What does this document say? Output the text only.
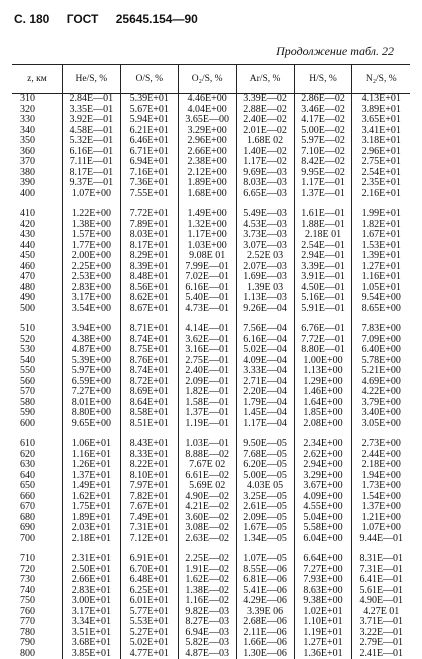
С. 180 ГОСТ 25645.154—90
Продолжение табл. 22
z, км	He/S, %	O/S, %	O₂/S, %	Ar/S, %	H/S, %	N₂/S, %
310	2.84E—01	5.39E+01	4.46E+00	3.39E—02	2.86E—02	4.13E+01
320	3.35E—01	5.67E+01	4.04E+00	2.88E—02	3.46E—02	3.89E+01
330	3.92E—01	5.94E+01	3.65E—00	2.40E—02	4.17E—02	3.65E+01
340	4.58E—01	6.21E+01	3.29E+00	2.01E—02	5.00E—02	3.41E+01
350	5.32E—01	6.46E+01	2.96E+00	1.68E 02	5.97E—02	3.18E+01
360	6.16E—01	6.71E+01	2.66E+00	1.40E—02	7.10E—02	2.96E+01
370	7.11E—01	6.94E+01	2.38E+00	1.17E—02	8.42E—02	2.75E+01
380	8.17E—01	7.16E+01	2.12E+00	9.69E—03	9.95E—02	2.54E+01
390	9.37E—01	7.36E+01	1.89E+00	8.03E—03	1.17E—01	2.35E+01
400	1.07E+00	7.55E+01	1.68E+00	6.65E—03	1.37E—01	2.16E+01

410	1.22E+00	7.72E+01	1.49E+00	5.49E—03	1.61E—01	1.99E+01
420	1.38E+00	7.89E+01	1.32E+00	4.53E—03	1.88E—01	1.82E+01
430	1.57E+00	8.03E+01	1.17E+00	3.73E—03	2.18E 01	1.67E+01
440	1.77E+00	8.17E+01	1.03E+00	3.07E—03	2.54E—01	1.53E+01
450	2.00E+00	8.29E+01	9.08E 01	2.52E 03	2.94E—01	1.39E+01
460	2.25E+00	8.39E+01	7.99E—01	2.07E—03	3.39E—01	1.27E+01
470	2.53E+00	8.48E+01	7.02E—01	1.69E—03	3.91E—01	1.16E+01
480	2.83E+00	8.56E+01	6.16E—01	1.39E 03	4.50E—01	1.05E+01
490	3.17E+00	8.62E+01	5.40E—01	1.13E—03	5.16E—01	9.54E+00
500	3.54E+00	8.67E+01	4.73E—01	9.26E—04	5.91E—01	8.65E+00

510	3.94E+00	8.71E+01	4.14E—01	7.56E—04	6.76E—01	7.83E+00
520	4.38E+00	8.74E+01	3.62E—01	6.16E—04	7.72E—01	7.09E+00
530	4.87E+00	8.75E+01	3.16E—01	5.02E—04	8.80E—01	6.40E+00
540	5.39E+00	8.76E+01	2.75E—01	4.09E—04	1.00E+00	5.78E+00
550	5.97E+00	8.74E+01	2.40E—01	3.33E—04	1.13E+00	5.21E+00
560	6.59E+00	8.72E+01	2.09E—01	2.71E—04	1.29E+00	4.69E+00
570	7.27E+00	8.69E+01	1.82E—01	2.20E—04	1.46E+00	4.22E+00
580	8.01E+00	8.64E+01	1.58E—01	1.79E—04	1.64E+00	3.79E+00
590	8.80E+00	8.58E+01	1.37E—01	1.45E—04	1.85E+00	3.40E+00
600	9.65E+00	8.51E+01	1.19E—01	1.17E—04	2.08E+00	3.05E+00

610	1.06E+01	8.43E+01	1.03E—01	9.50E—05	2.34E+00	2.73E+00
620	1.16E+01	8.33E+01	8.88E—02	7.68E—05	2.62E+00	2.44E+00
630	1.26E+01	8.22E+01	7.67E 02	6.20E—05	2.94E+00	2.18E+00
640	1.37E+01	8.10E+01	6.61E—02	5.00E—05	3.29E+00	1.94E+00
650	1.49E+01	7.97E+01	5.69E 02	4.03E 05	3.67E+00	1.73E+00
660	1.62E+01	7.82E+01	4.90E—02	3.25E—05	4.09E+00	1.54E+00
670	1.75E+01	7.67E+01	4.21E—02	2.61E—05	4.55E+00	1.37E+00
680	1.89E+01	7.49E+01	3.60E—02	2.09E—05	5.04E+00	1.21E+00
690	2.03E+01	7.31E+01	3.08E—02	1.67E—05	5.58E+00	1.07E+00
700	2.18E+01	7.12E+01	2.63E—02	1.34E—05	6.04E+00	9.44E—01

710	2.31E+01	6.91E+01	2.25E—02	1.07E—05	6.64E+00	8.31E—01
720	2.50E+01	6.70E+01	1.91E—02	8.55E—06	7.27E+00	7.31E—01
730	2.66E+01	6.48E+01	1.62E—02	6.81E—06	7.93E+00	6.41E—01
740	2.83E+01	6.25E+01	1.38E—02	5.41E—06	8.63E+00	5.61E—01
750	3.00E+01	6.01E+01	1.16E—02	4.29E—06	9.38E+00	4.90E—01
760	3.17E+01	5.77E+01	9.82E—03	3.39E 06	1.02E+01	4.27E 01
770	3.34E+01	5.53E+01	8.27E—03	2.68E—06	1.10E+01	3.71E—01
780	3.51E+01	5.27E+01	6.94E—03	2.11E—06	1.19E+01	3.22E—01
790	3.68E+01	5.02E+01	5.82E—03	1.66E—06	1.27E+01	2.79E—01
800	3.85E+01	4.77E+01	4.87E—03	1.30E—06	1.36E+01	2.41E—01
